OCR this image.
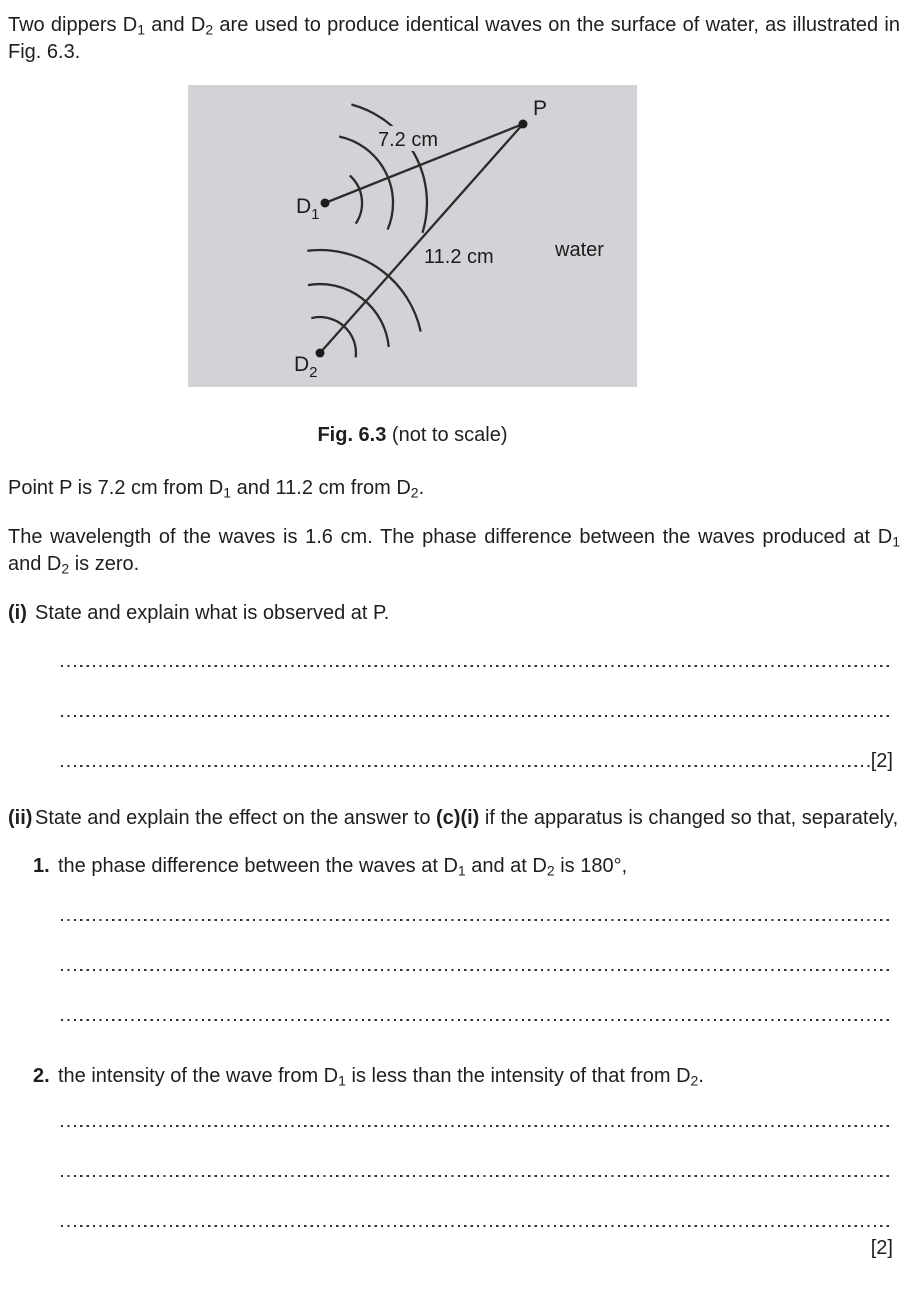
Two dippers $D_1$ and $D_2$ are used to produce identical waves on the surface of water, as illustrated in Fig. 6.3.
P
$D_1$
$D_2$
7.2 cm
11.2 cm	water
Fig. 6.3 (not to scale)
Point P is 7.2 cm from $D_1$ and 11.2 cm from $D_2$.
The wavelength of the waves is 1.6 cm. The phase difference between the waves produced at $D_1$ and $D_2$ is zero.
(i) State and explain what is observed at P.
[2]
(ii) State and explain the effect on the answer to (c)(i) if the apparatus is changed so that, separately,
1. the phase difference between the waves at $D_1$ and at $D_2$ is 180°,
2. the intensity of the wave from $D_1$ is less than the intensity of that from $D_2$.
[2]
